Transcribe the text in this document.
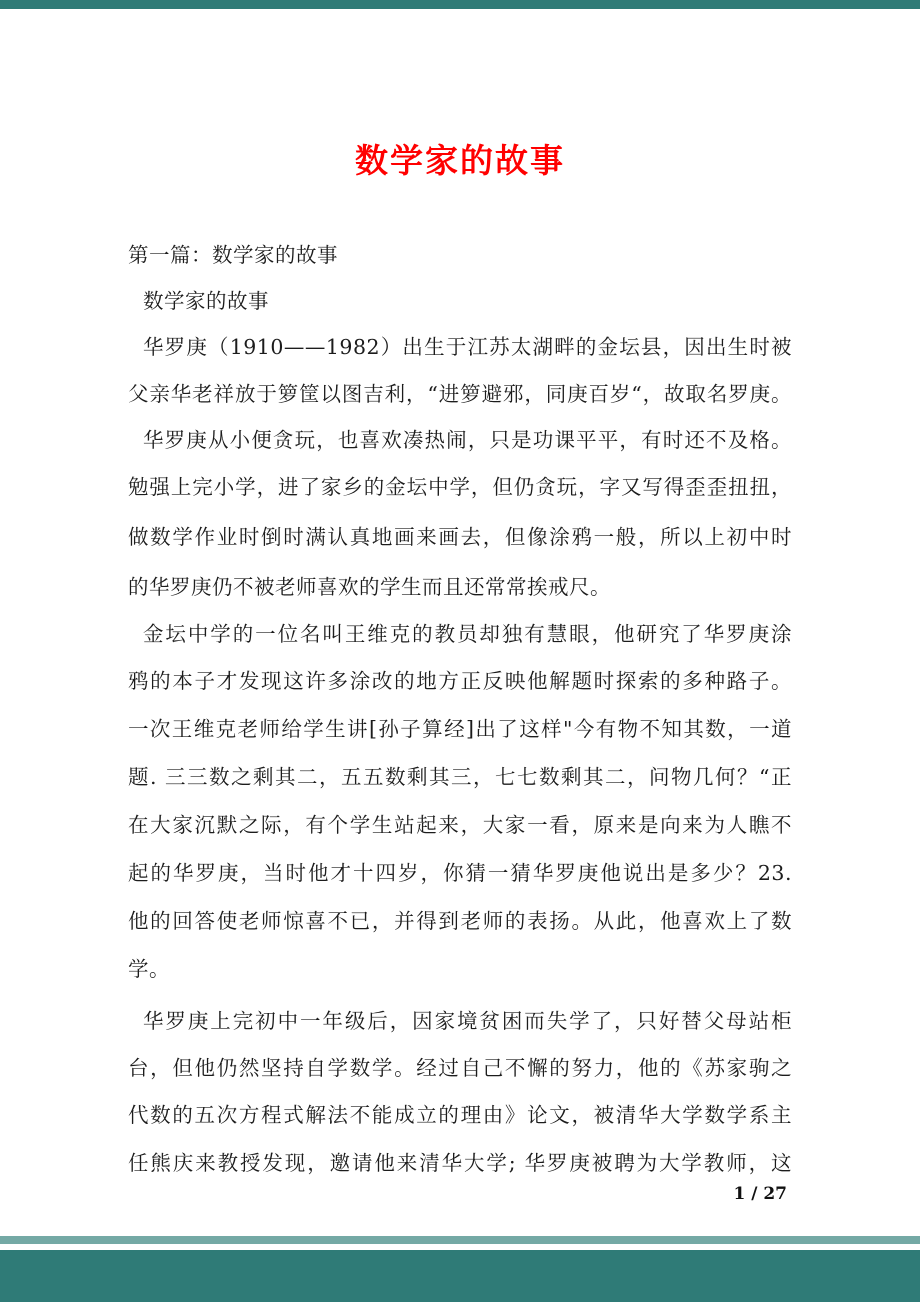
数学家的故事
第一篇：数学家的故事
数学家的故事
华罗庚（1910——1982）出生于江苏太湖畔的金坛县，因出生时被
父亲华老祥放于箩筐以图吉利，“进箩避邪，同庚百岁“，故取名罗庚。
华罗庚从小便贪玩，也喜欢凑热闹，只是功课平平，有时还不及格。
勉强上完小学，进了家乡的金坛中学，但仍贪玩，字又写得歪歪扭扭，
做数学作业时倒时满认真地画来画去，但像涂鸦一般，所以上初中时
的华罗庚仍不被老师喜欢的学生而且还常常挨戒尺。
金坛中学的一位名叫王维克的教员却独有慧眼，他研究了华罗庚涂
鸦的本子才发现这许多涂改的地方正反映他解题时探索的多种路子。
一次王维克老师给学生讲[孙子算经]出了这样"今有物不知其数，一道
题. 三三数之剩其二，五五数剩其三，七七数剩其二，问物几何？“正
在大家沉默之际，有个学生站起来，大家一看，原来是向来为人瞧不
起的华罗庚，当时他才十四岁，你猜一猜华罗庚他说出是多少？23.
他的回答使老师惊喜不已，并得到老师的表扬。从此，他喜欢上了数
学。
华罗庚上完初中一年级后，因家境贫困而失学了，只好替父母站柜
台，但他仍然坚持自学数学。经过自己不懈的努力，他的《苏家驹之
代数的五次方程式解法不能成立的理由》论文，被清华大学数学系主
任熊庆来教授发现，邀请他来清华大学; 华罗庚被聘为大学教师，这
1 / 27
